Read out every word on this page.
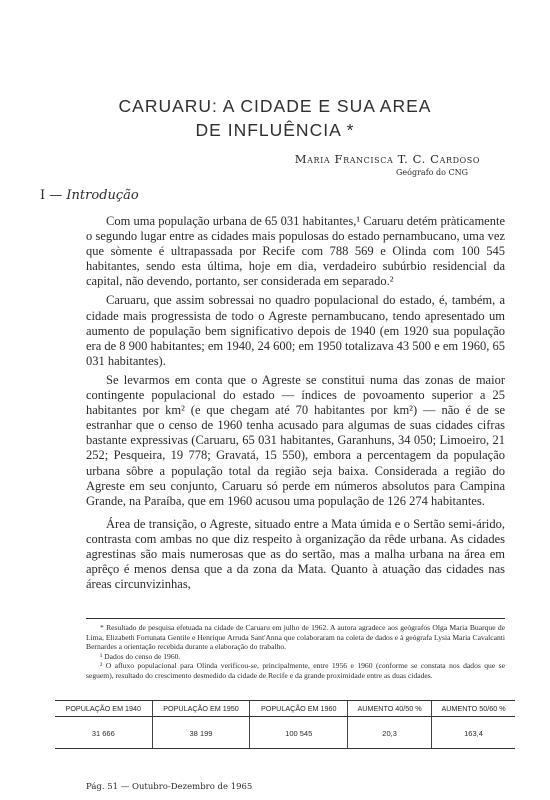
CARUARU: A CIDADE E SUA AREA
DE INFLUÊNCIA *
Maria Francisca T. C. Cardoso
Geógrafo do CNG
I — Introdução

Com uma população urbana de 65 031 habitantes,¹ Caruaru detém pràticamente o segundo lugar entre as cidades mais populosas do estado pernambucano, uma vez que sòmente é ultrapassada por Recife com 788 569 e Olinda com 100 545 habitantes, sendo esta última, hoje em dia, verdadeiro subúrbio residencial da capital, não devendo, portanto, ser considerada em separado.²

Caruaru, que assim sobressai no quadro populacional do estado, é, também, a cidade mais progressista de todo o Agreste pernambucano, tendo apresentado um aumento de população bem significativo depois de 1940 (em 1920 sua população era de 8 900 habitantes; em 1940, 24 600; em 1950 totalizava 43 500 e em 1960, 65 031 habitantes).

Se levarmos em conta que o Agreste se constitui numa das zonas de maior contingente populacional do estado — índices de povoamento superior a 25 habitantes por km² (e que chegam até 70 habitantes por km²) — não é de se estranhar que o censo de 1960 tenha acusado para algumas de suas cidades cifras bastante expressivas (Caruaru, 65 031 habitantes, Garanhuns, 34 050; Limoeiro, 21 252; Pesqueira, 19 778; Gravatá, 15 550), embora a percentagem da população urbana sôbre a população total da região seja baixa. Considerada a região do Agreste em seu conjunto, Caruaru só perde em números absolutos para Campina Grande, na Paraíba, que em 1960 acusou uma população de 126 274 habitantes.

Área de transição, o Agreste, situado entre a Mata úmida e o Sertão semi-árido, contrasta com ambas no que diz respeito à organização da rêde urbana. As cidades agrestinas são mais numerosas que as do sertão, mas a malha urbana na área em aprêço é menos densa que a da zona da Mata. Quanto à atuação das cidades nas áreas circunvizinhas,

* Resultado de pesquisa efetuada na cidade de Caruaru em julho de 1962. A autora agradece aos geógrafos Olga Maria Buarque de Lima, Elizabeth Fortunata Gentile e Henrique Arruda Sant'Anna que colaboraram na coleta de dados e à geógrafa Lysia Maria Cavalcanti Bernardes a orientação recebida durante a elaboração do trabalho.

¹ Dados do censo de 1960.

² O afluxo populacional para Olinda verificou-se, principalmente, entre 1956 e 1960 (conforme se constata nos dados que se seguem), resultado do crescimento desmedido da cidade de Recife e da grande proximidade entre as duas cidades.

POPULAÇÃO EM 1940	POPULAÇÃO EM 1950	POPULAÇÃO EM 1960	AUMENTO 40/50 %	AUMENTO 50/60 %
31 666	38 199	100 545	20,3	163,4
Pág. 51 — Outubro-Dezembro de 1965
